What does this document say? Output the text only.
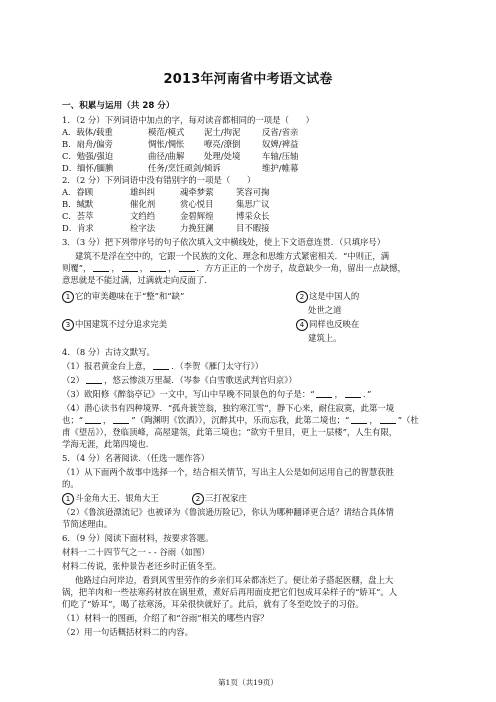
2013年河南省中考语文试卷
一、积累与运用（共 28 分）
1．（2 分）下列词语中加点的字，每对读音都相同的一项是（　　）
A．载体/载重	模范/模式 泥土/拘泥	反省/省亲
B．扇舟/偏旁	惆怅/惆怅 嘹亮/潦倒	奴婢/裨益
C．勉强/强迫	曲径/曲解 处理/处境	车轴/压轴
D．缅怀/腼腆	任务/烹饪顽剑/倾诉	维护/帷幕
2．（2 分）下列词语中没有错别字的一项是（　　）
A．眷顾	雄纠纠	魂牵梦萦	笑容可掬
B．缄默	催化剂	赏心悦目	集思广议
C．荟萃	文绉绉	金碧辉煌	博采众长
D．肯求	检字法	力挽狂澜	目不暇接
3．（3 分）把下列带序号的句子依次填入文中横线处，使上下文语意连贯．（只填序号）
建筑不是浮在空中的，它跟一个民族的文化、理念和思维方式紧密相关．“中则正，满
则覆”， ， ， ， ．方方正正的一个房子，故意缺少一角，留出一点缺憾，
意思就是不能过满，过满就走向反面了．
1 它的审美趣味在于“整”和“缺”	2 这是中国人的
处世之道
3 中国建筑不过分追求完美	4 同样也反映在
建筑上。
4．（8 分）古诗文默写。
（1）报君黄金台上意， ．（李贺《雁门太守行》）
（2） ，悠云惨淡万里凝．（岑参《白雪歌送武判官归京》）
（3）欧阳修《醉翁亭记》一文中，写山中早晚不同景色的句子是：“ ， ．”
（4）潜心读书有四种境界．“孤舟蓑笠翁，独钓寒江雪”，静下心来，耐住寂寞，此第一境
也；“ ， ”（陶渊明《饮酒》），沉醉其中，乐而忘我，此第二境也；“ ， ”（杜
甫《望岳》），登临顶峰，高屋建瓴，此第三境也；“欲穷千里目，更上一层楼”，人生有限，
学海无涯，此第四境也．
5．（4 分）名著阅读．（任选一题作答）
（1）从下面两个故事中选择一个，结合相关情节，写出主人公是如何运用自己的智慧获胜
的。
1 斗金角大王、银角大王	2 三打祝家庄
（2）《鲁滨逊漂流记》也被译为《鲁滨逊历险记》，你认为哪种翻译更合适？请结合具体情
节简述理由。
6．（9 分）阅读下面材料，按要求答题。
材料一二十四节气之一 - - 谷雨（如图）
材料二传说，张仲景告老还乡时正值冬至。
他路过白河岸边，看到风雪里劳作的乡亲们耳朵都冻烂了。便让弟子搭起医棚，盘上大
锅，把羊肉和一些祛寒药材放在锅里煮，煮好后再用面皮把它们包成耳朵样子的“娇耳”。人
们吃了“娇耳”，喝了祛寒汤，耳朵很快就好了。此后，就有了冬至吃饺子的习俗。
（1）材料一的图画，介绍了和“谷雨”相关的哪些内容？
（2）用一句话概括材料二的内容。
第1页（共19页）
